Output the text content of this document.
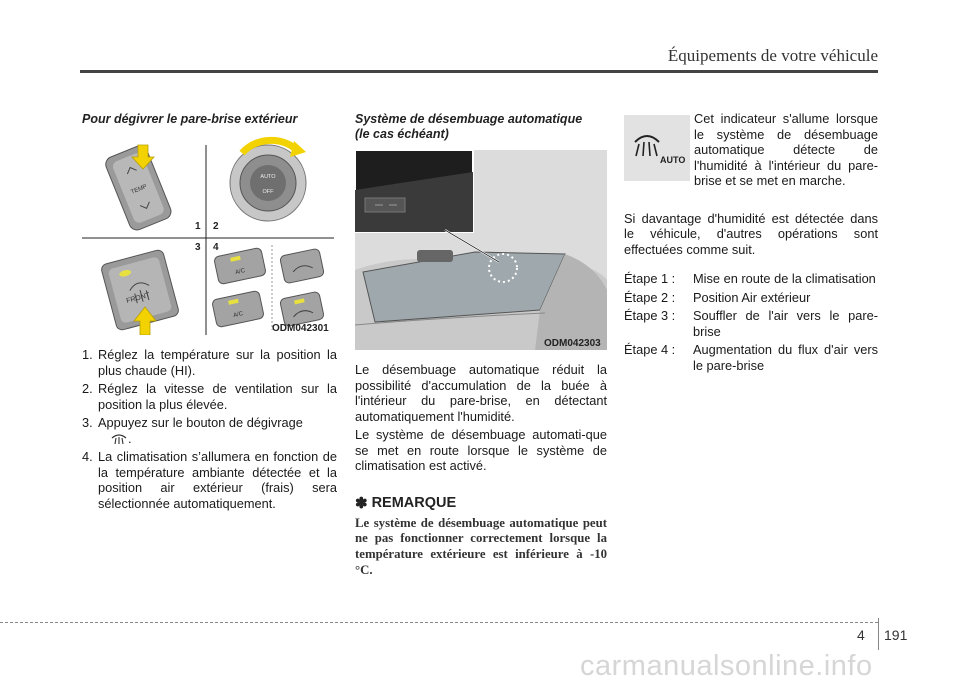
Équipements de votre véhicule
Pour dégivrer le pare-brise extérieur
TEMP
AUTO
OFF
FRONT
A/C
A/C
1 2
3 4
ODM042301
1. Réglez la température sur la position la plus chaude (HI).
2. Réglez la vitesse de ventilation sur la position la plus élevée.
3. Appuyez sur le bouton de dégivrage
.
4. La climatisation s’allumera en fonction de la température ambiante détectée et la position air extérieur (frais) sera sélectionnée automatiquement.
Système de désembuage automatique
(le cas échéant)
ODM042303

Le désembuage automatique réduit la possibilité d'accumulation de la buée à l'intérieur du pare-brise, en détectant automatiquement l'humidité.

Le système de désembuage automati-que se met en route lorsque le système de climatisation est activé.

✽ REMARQUE
Le système de désembuage automatique peut ne pas fonctionner correctement lorsque la température extérieure est inférieure à -10 °C.
AUTO
Cet indicateur s'allume lorsque le système de désembuage automatique détecte de l'humidité à l'intérieur du pare-brise et se met en marche.

Si davantage d'humidité est détectée dans le véhicule, d'autres opérations sont effectuées comme suit.

Étape 1 :	Mise en route de la climatisation
Étape 2 :	Position Air extérieur
Étape 3 :	Souffler de l'air vers le pare-brise
Étape 4 :	Augmentation du flux d'air vers le pare-brise
4 191
carmanualsonline.info
